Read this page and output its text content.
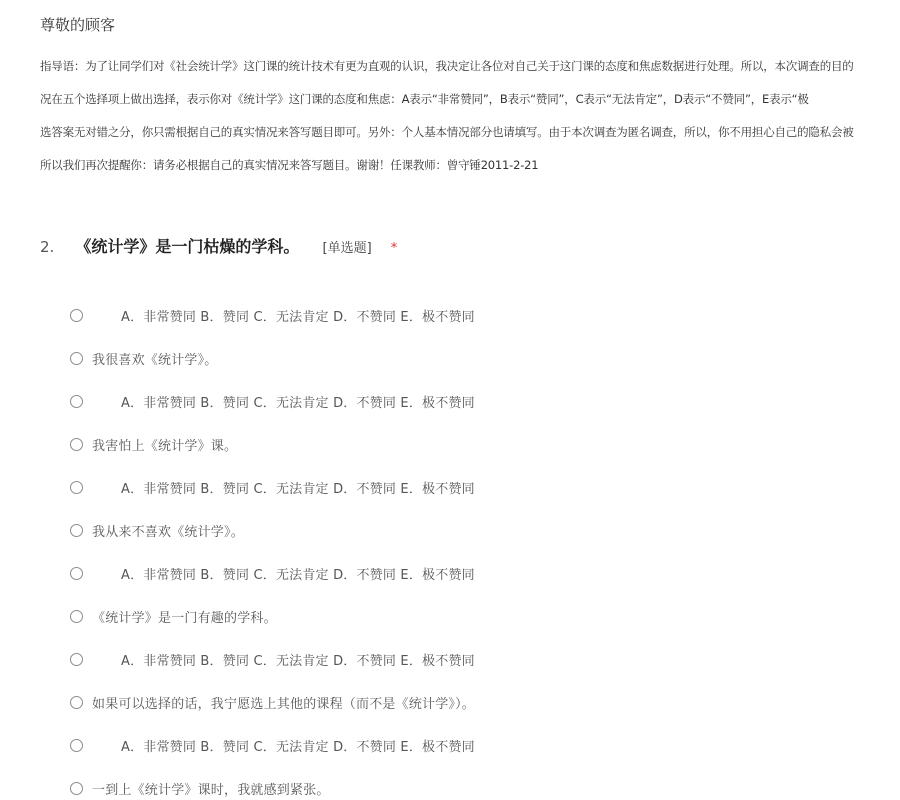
尊敬的顾客
指导语：为了让同学们对《社会统计学》这门课的统计技术有更为直观的认识，我决定让各位对自己关于这门课的态度和焦虑数据进行处理。所以，本次调查的目的
况在五个选择项上做出选择，表示你对《统计学》这门课的态度和焦虑：A表示“非常赞同”，B表示“赞同”，C表示“无法肯定”，D表示“不赞同”，E表示“极
选答案无对错之分，你只需根据自己的真实情况来答写题目即可。另外：个人基本情况部分也请填写。由于本次调查为匿名调查，所以，你不用担心自己的隐私会被
所以我们再次提醒你：请务必根据自己的真实情况来答写题目。谢谢！任课教师：曾守锤2011-2-21
2. 《统计学》是一门枯燥的学科。 [单选题] *
A．非常赞同 B．赞同 C．无法肯定 D．不赞同 E．极不赞同
我很喜欢《统计学》。
A．非常赞同 B．赞同 C．无法肯定 D．不赞同 E．极不赞同
我害怕上《统计学》课。
A．非常赞同 B．赞同 C．无法肯定 D．不赞同 E．极不赞同
我从来不喜欢《统计学》。
A．非常赞同 B．赞同 C．无法肯定 D．不赞同 E．极不赞同
《统计学》是一门有趣的学科。
A．非常赞同 B．赞同 C．无法肯定 D．不赞同 E．极不赞同
如果可以选择的话，我宁愿选上其他的课程（而不是《统计学》）。
A．非常赞同 B．赞同 C．无法肯定 D．不赞同 E．极不赞同
一到上《统计学》课时，我就感到紧张。
